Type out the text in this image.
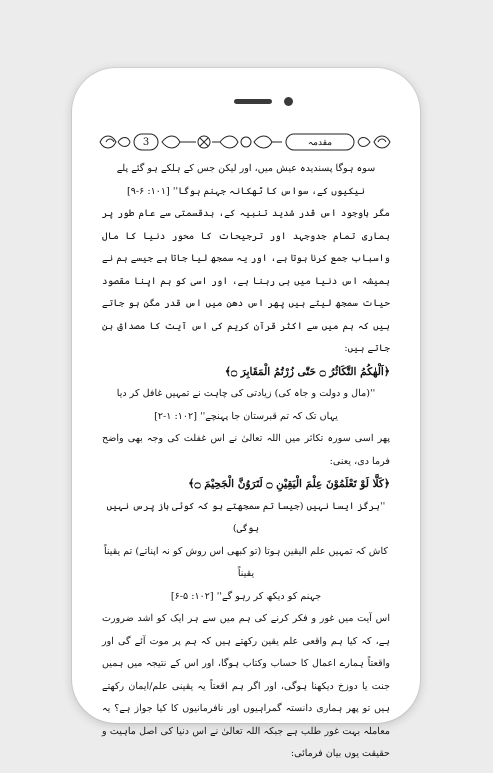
3	مقدمہ

سوہ ہوگا پسندیدہ عیش میں، اور لیکن جس کے ہلکے ہو گئے پلے

نیکیوں کے، سواس کا ٹھکانہ جہنم ہوگا'' [۱۰۱: ۶-۹]

مگر باوجود اس قدر شدید تنبیہ کے، بدقسمتی سے عام طور پر ہماری تمام جدوجہد اور ترجیحات کا محور دنیا کا مال واسباب جمع کرنا ہوتا ہے، اور یہ سمجھ لیا جاتا ہے جیسے ہم نے ہمیشہ اس دنیا میں ہی رہنا ہے، اور اسی کو ہم اپنا مقصود حیات سمجھ لیتے ہیں پھر اس دھن میں اس قدر مگن ہو جاتے ہیں کہ ہم میں سے اکثر قرآن کریم کی اس آیت کا مصداق بن جاتے ہیں:

﴿اَلْهٰكُمُ التَّكَاثُرُ ۝ حَتّٰى زُرْتُمُ الْمَقَابِرَ ۝﴾

''(مال و دولت و جاہ کی) زیادتی کی چاہت نے تمہیں غافل کر دیا

یہاں تک کہ تم قبرستان جا پہنچے'' [۱۰۲: ۱-۲]

پھر اسی سورہ تکاثر میں اللہ تعالیٰ نے اس غفلت کی وجہ بھی واضح فرما دی، یعنی:

﴿كَلَّا لَوْ تَعْلَمُوْنَ عِلْمَ الْيَقِيْنِ ۝ لَتَرَوُنَّ الْجَحِيْمَ ۝﴾

''ہرگز ایسا نہیں (جیسا تم سمجھتے ہو کہ کوئی باز پرس نہیں ہوگی)

کاش کہ تمہیں علم الیقین ہوتا (تو کبھی اس روش کو نہ اپناتے) تم یقیناً یقیناً

جہنم کو دیکھ کر رہو گے'' [۱۰۲: ۵-۶]

اس آیت میں غور و فکر کرنے کی ہم میں سے ہر ایک کو اشد ضرورت ہے، کہ کیا ہم واقعی علم یقین رکھتے ہیں کہ ہم پر موت آئے گی اور واقعتاً ہمارے اعمال کا حساب وکتاب ہوگا، اور اس کے نتیجہ میں ہمیں جنت یا دوزخ دیکھنا ہوگی، اور اگر ہم اقعتاً یہ یقینی علم/ایمان رکھتے ہیں تو پھر ہماری دانستہ گمراہیوں اور نافرمانیوں کا کیا جواز ہے؟ یہ معاملہ بہت غور طلب ہے جبکہ اللہ تعالیٰ نے اس دنیا کی اصل ماہیت و حقیقت یوں بیان فرمائی:
